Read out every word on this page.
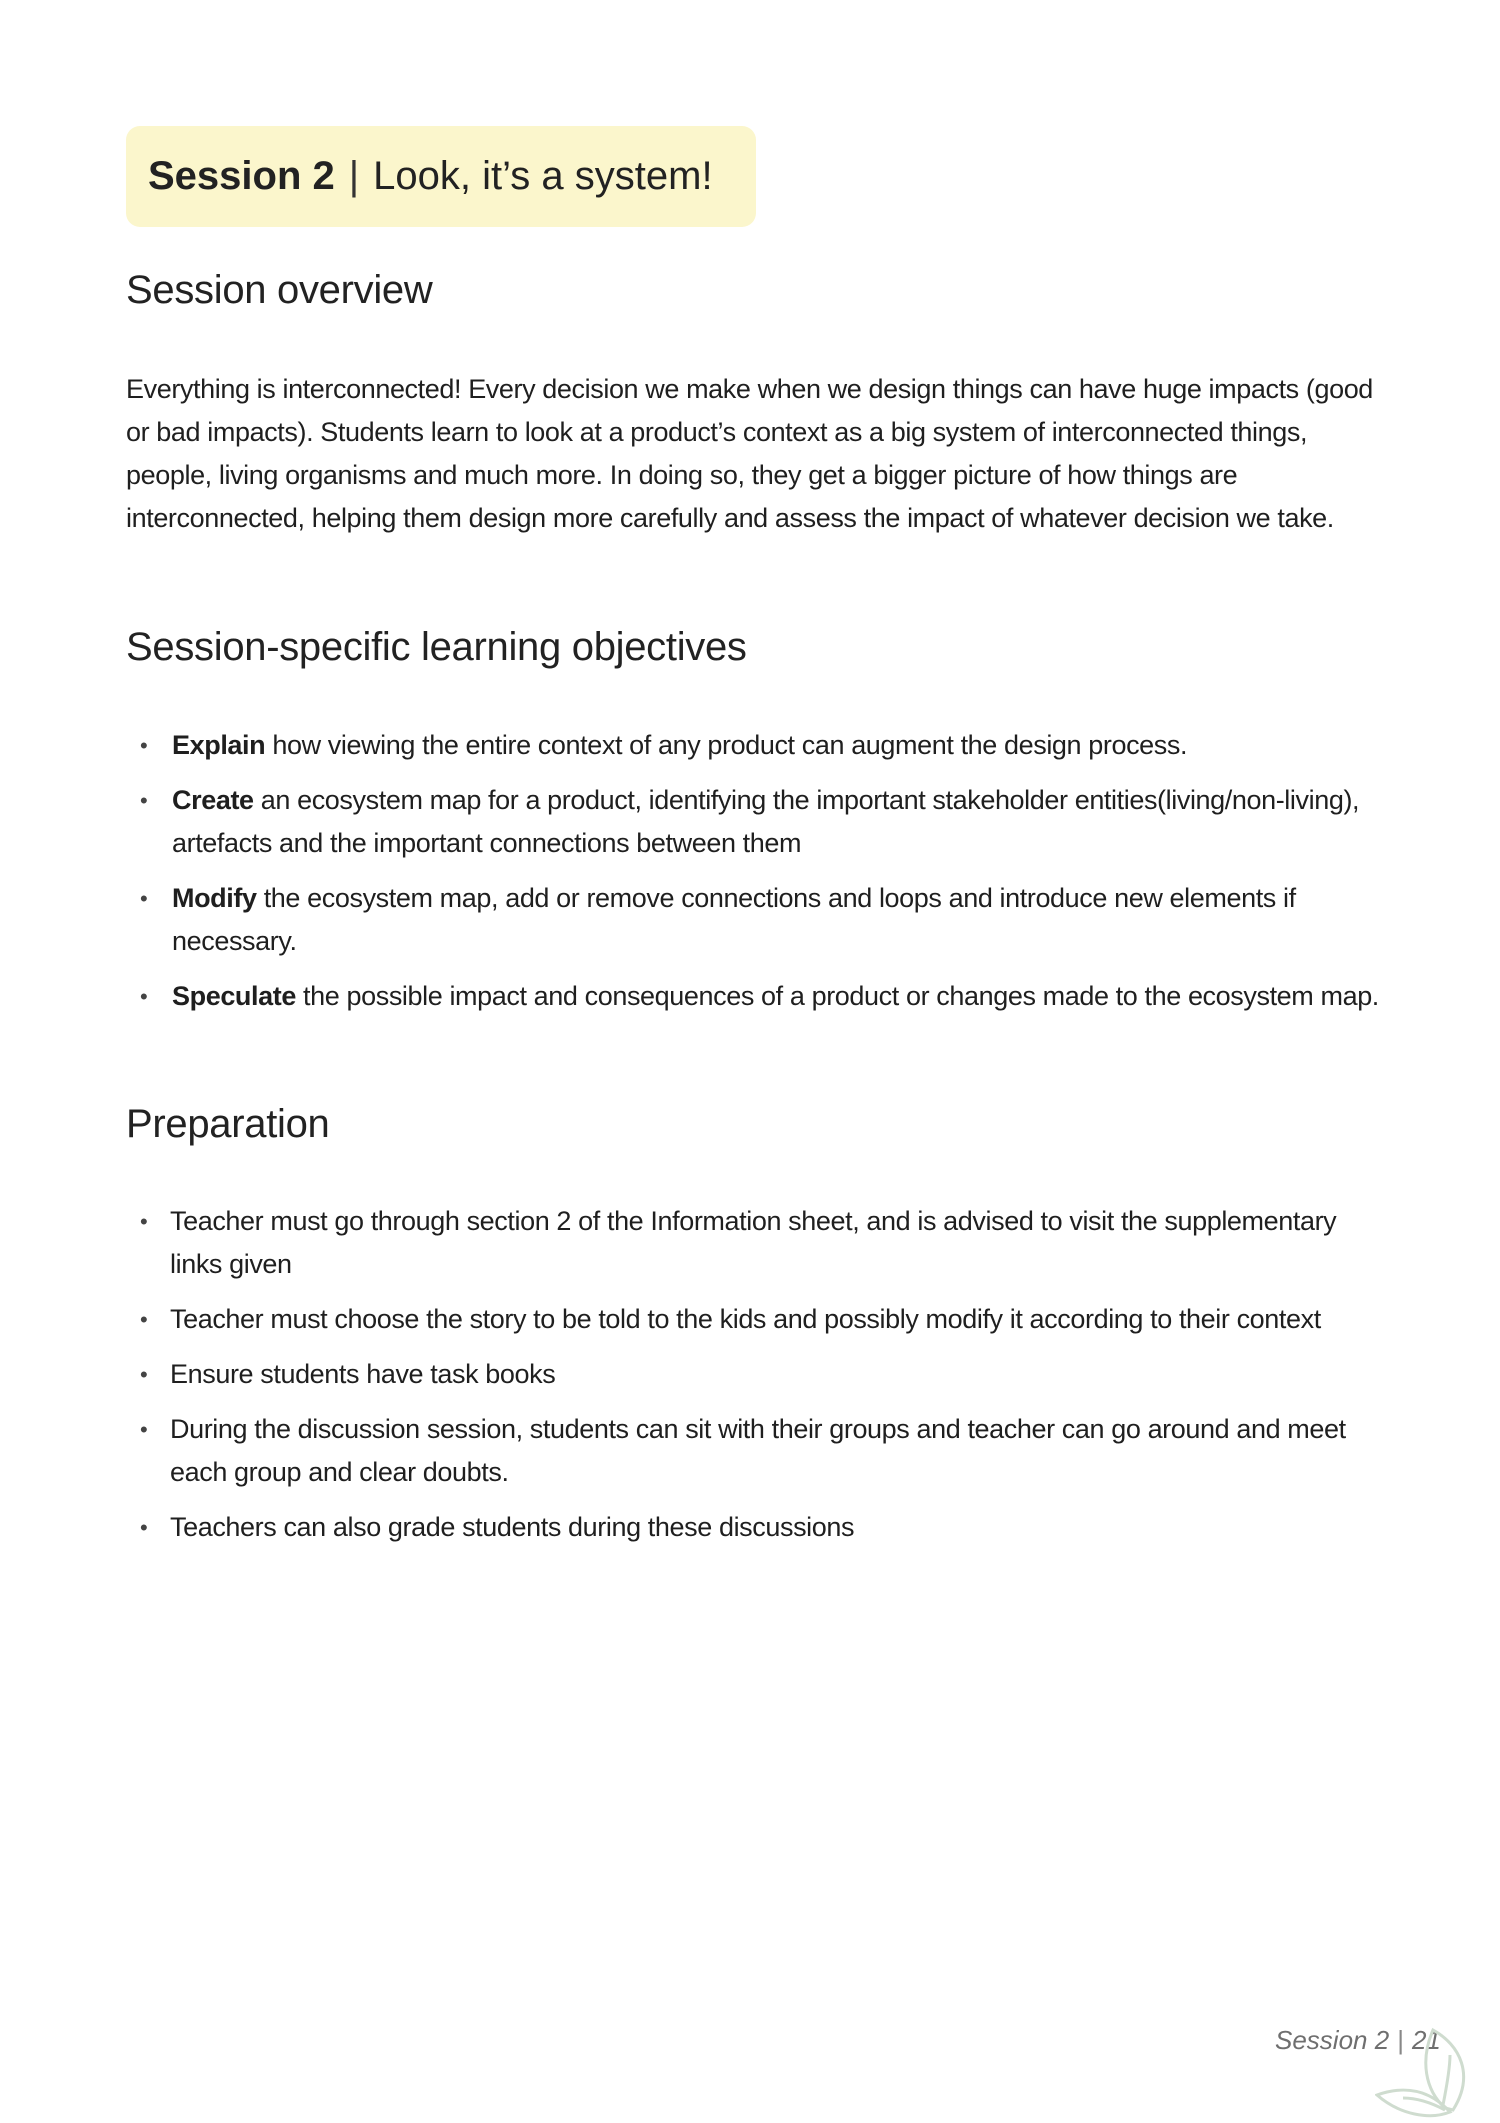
Session 2 | Look, it’s a system!
Session overview

Everything is interconnected! Every decision we make when we design things can have huge impacts (good or bad impacts). Students learn to look at a product’s context as a big system of interconnected things, people, living organisms and much more. In doing so, they get a bigger picture of how things are interconnected, helping them design more carefully and assess the impact of whatever decision we take.

Session-specific learning objectives
• Explain how viewing the entire context of any product can augment the design process.
• Create an ecosystem map for a product, identifying the important stakeholder entities(living/non-living), artefacts and the important connections between them
• Modify the ecosystem map, add or remove connections and loops and introduce new elements if necessary.
• Speculate the possible impact and consequences of a product or changes made to the ecosystem map.
Preparation
• Teacher must go through section 2 of the Information sheet, and is advised to visit the supplementary links given
• Teacher must choose the story to be told to the kids and possibly modify it according to their context
• Ensure students have task books
• During the discussion session, students can sit with their groups and teacher can go around and meet each group and clear doubts.
• Teachers can also grade students during these discussions
Session 2 | 21
